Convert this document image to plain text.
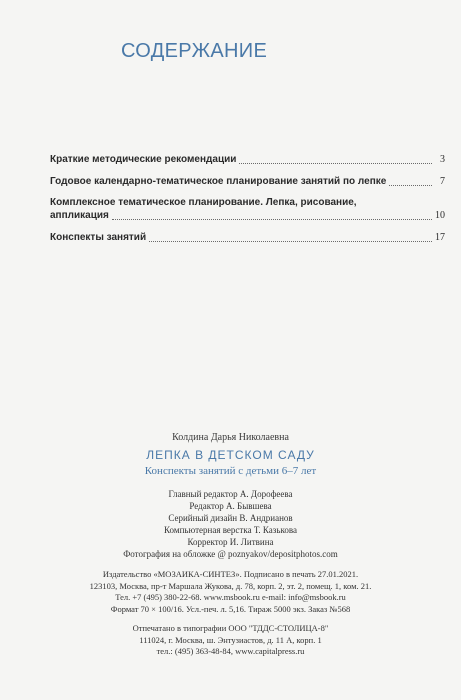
СОДЕРЖАНИЕ
Краткие методические рекомендации	3
Годовое календарно-тематическое планирование занятий по лепке	7
Комплексное тематическое планирование. Лепка, рисование,
аппликация	10
Конспекты занятий	17
Колдина Дарья Николаевна
ЛЕПКА В ДЕТСКОМ САДУ
Конспекты занятий с детьми 6–7 лет
Главный редактор А. Дорофеева
Редактор А. Бывшева
Серийный дизайн В. Андрианов
Компьютерная верстка Т. Казькова
Корректор И. Литвина
Фотография на обложке @ poznyakov/depositphotos.com
Издательство «МОЗАИКА-СИНТЕЗ». Подписано в печать 27.01.2021.
123103, Москва, пр-т Маршала Жукова, д. 78, корп. 2, эт. 2, помещ. 1, ком. 21.
Тел. +7 (495) 380-22-68. www.msbook.ru e-mail: info@msbook.ru
Формат 70 × 100/16. Усл.-печ. л. 5,16. Тираж 5000 экз. Заказ №568
Отпечатано в типографии ООО "ТДДС-СТОЛИЦА-8"
111024, г. Москва, ш. Энтузиастов, д. 11 А, корп. 1
тел.: (495) 363-48-84, www.capitalpress.ru
